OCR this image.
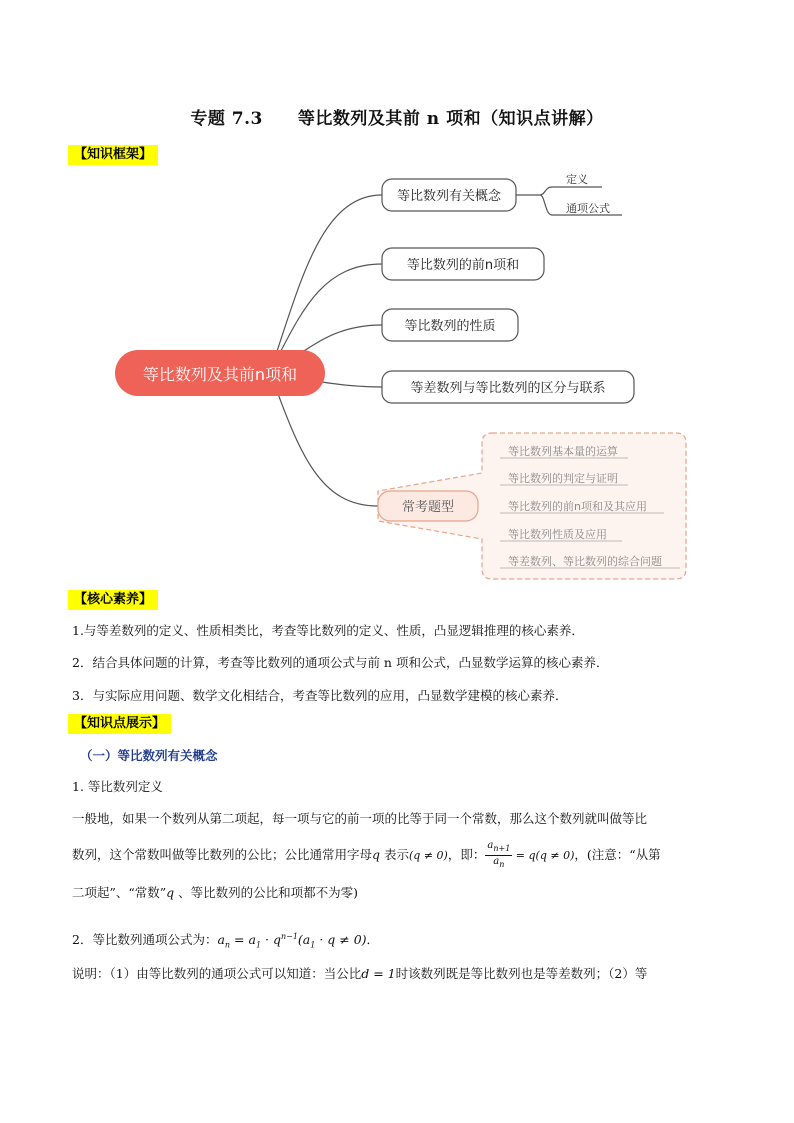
专题 7.3　　等比数列及其前 n 项和（知识点讲解）
【知识框架】
等比数列及其前n项和
等比数列有关概念
定义
通项公式
等比数列的前n项和
等比数列的性质
等差数列与等比数列的区分与联系
常考题型
等比数列基本量的运算
等比数列的判定与证明
等比数列的前n项和及其应用
等比数列性质及应用
等差数列、等比数列的综合问题
【核心素养】
1.与等差数列的定义、性质相类比，考查等比数列的定义、性质，凸显逻辑推理的核心素养．
2．结合具体问题的计算，考查等比数列的通项公式与前 n 项和公式，凸显数学运算的核心素养．
3．与实际应用问题、数学文化相结合，考查等比数列的应用，凸显数学建模的核心素养．
【知识点展示】
（一）等比数列有关概念
1. 等比数列定义
一般地，如果一个数列从第二项起，每一项与它的前一项的比等于同一个常数，那么这个数列就叫做等比
数列，这个常数叫做等比数列的公比；公比通常用字母q 表示(q ≠ 0)，即： $\frac{a_{n+1}}{a_n} = q(q \ne 0)$，(注意：“从第
二项起”、“常数”q 、等比数列的公比和项都不为零)
2．等比数列通项公式为：$a_n = a_1 \cdot q^{n-1}(a_1 \cdot q \ne 0)$．
说明：（1）由等比数列的通项公式可以知道：当公比d = 1时该数列既是等比数列也是等差数列；（2）等
